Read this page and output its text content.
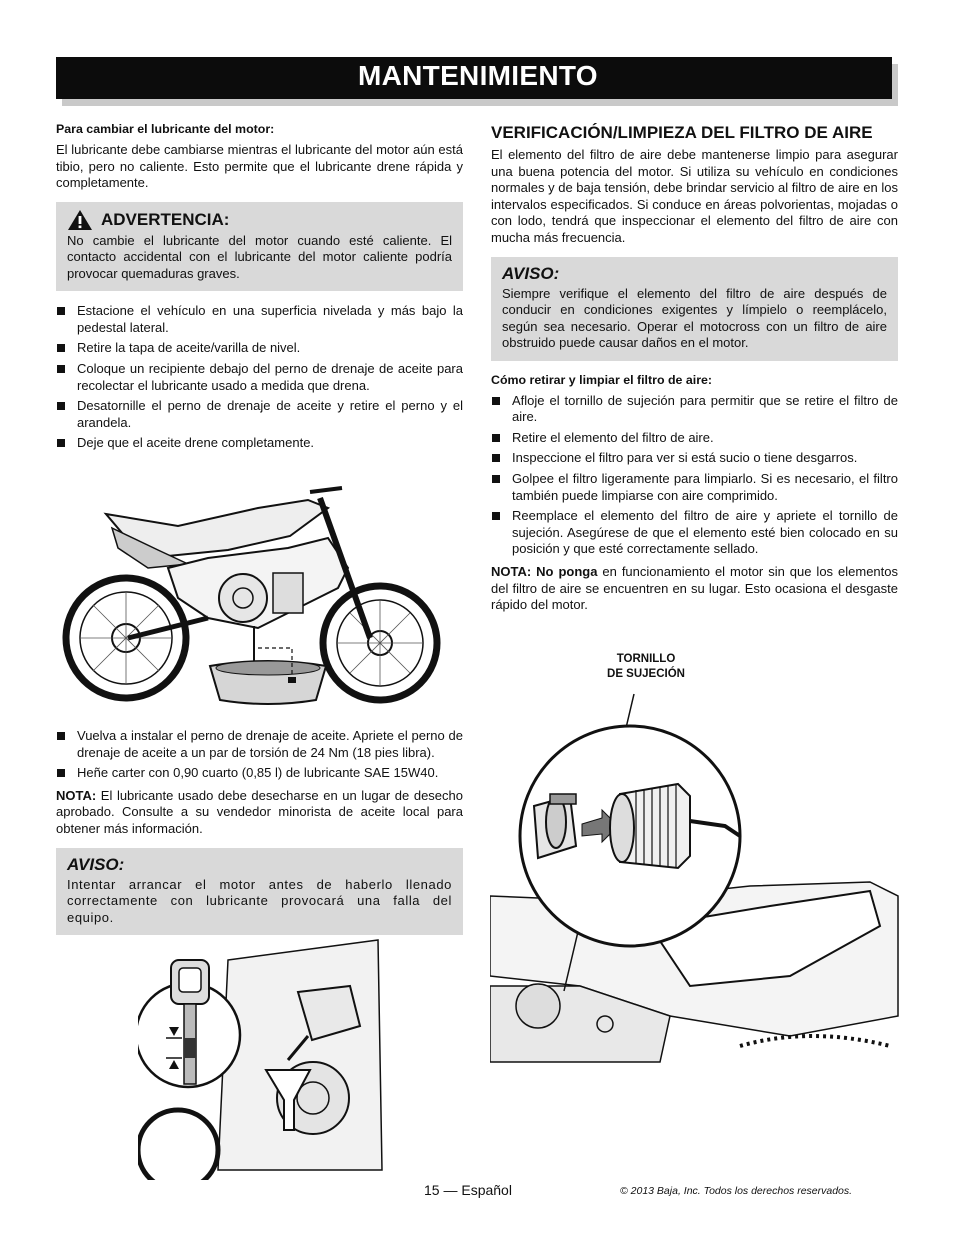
MANTENIMIENTO
Para cambiar el lubricante del motor:
El lubricante debe cambiarse mientras el lubricante del motor aún está tibio, pero no caliente. Esto permite que el lubricante drene rápida y completamente.
ADVERTENCIA:
No cambie el lubricante del motor cuando esté caliente. El contacto accidental con el lubricante del motor caliente podría provocar quemaduras graves.
Estacione el vehículo en una superficia nivelada y más bajo la pedestal lateral.
Retire la tapa de aceite/varilla de nivel.
Coloque un recipiente debajo del perno de drenaje de aceite para recolectar el lubricante usado a medida que drena.
Desatornille el perno de drenaje de aceite y retire el perno y el arandela.
Deje que el aceite drene completamente.
Vuelva a instalar el perno de drenaje de aceite. Apriete el perno de drenaje de aceite a un par de torsión de 24 Nm (18 pies libra).
Heñe carter con 0,90 cuarto (0,85 l) de lubricante SAE 15W40.
NOTA: El lubricante usado debe desecharse en un lugar de desecho aprobado. Consulte a su vendedor minorista de aceite local para obtener más información.
AVISO:
Intentar arrancar el motor antes de haberlo llenado correctamente con lubricante provocará una falla del equipo.
VERIFICACIÓN/LIMPIEZA DEL FILTRO DE AIRE
El elemento del filtro de aire debe mantenerse limpio para asegurar una buena potencia del motor. Si utiliza su vehículo en condiciones normales y de baja tensión, debe brindar servicio al filtro de aire en los intervalos especificados. Si conduce en áreas polvorientas, mojadas o con lodo, tendrá que inspeccionar el elemento del filtro de aire con mucha más frecuencia.
AVISO:
Siempre verifique el elemento del filtro de aire después de conducir en condiciones exigentes y límpielo o reemplácelo, según sea necesario. Operar el motocross con un filtro de aire obstruido puede causar daños en el motor.
Cómo retirar y limpiar el filtro de aire:
Afloje el tornillo de sujeción para permitir que se retire el filtro de aire.
Retire el elemento del filtro de aire.
Inspeccione el filtro para ver si está sucio o tiene desgarros.
Golpee el filtro ligeramente para limpiarlo. Si es necesario, el filtro también puede limpiarse con aire comprimido.
Reemplace el elemento del filtro de aire y apriete el tornillo de sujeción. Asegúrese de que el elemento esté bien colocado en su posición y que esté correctamente sellado.
NOTA: No ponga en funcionamiento el motor sin que los elementos del filtro de aire se encuentren en su lugar. Esto ocasiona el desgaste rápido del motor.
TORNILLO
DE SUJECIÓN
15 — Español	© 2013 Baja, Inc. Todos los derechos reservados.
